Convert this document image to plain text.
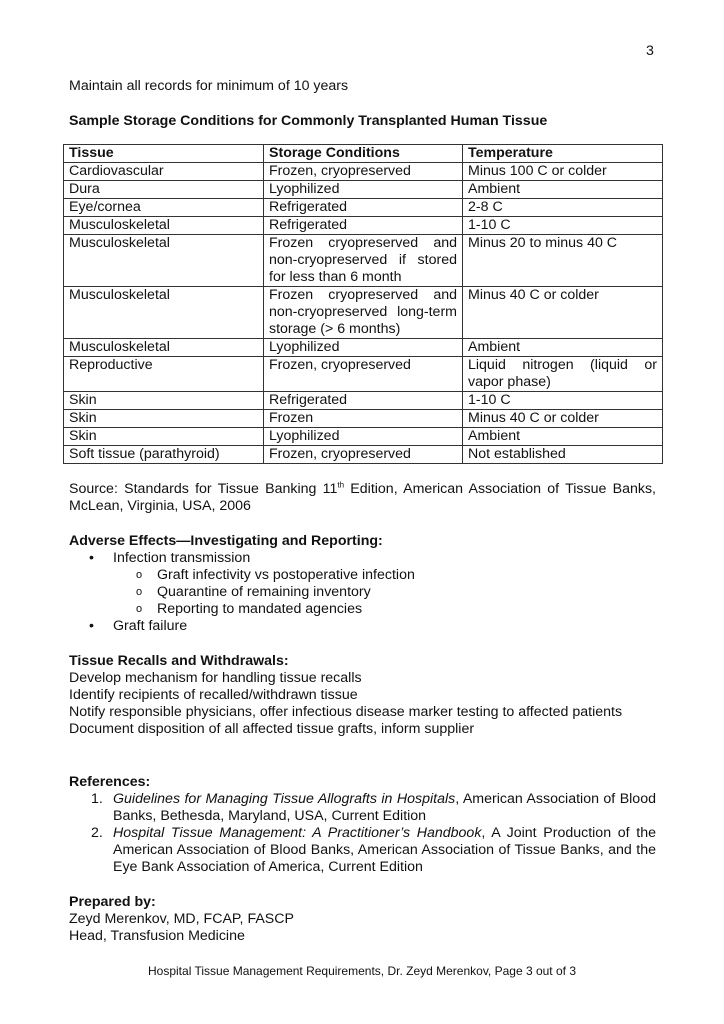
3

Maintain all records for minimum of 10 years

Sample Storage Conditions for Commonly Transplanted Human Tissue

Tissue	Storage Conditions	Temperature
Cardiovascular	Frozen, cryopreserved	Minus 100 C or colder
Dura	Lyophilized	Ambient
Eye/cornea	Refrigerated	2-8 C
Musculoskeletal	Refrigerated	1-10 C
Musculoskeletal	Frozen cryopreserved and non-cryopreserved if stored for less than 6 month	Minus 20 to minus 40 C
Musculoskeletal	Frozen cryopreserved and non-cryopreserved long-term storage (> 6 months)	Minus 40 C or colder
Musculoskeletal	Lyophilized	Ambient
Reproductive	Frozen, cryopreserved	Liquid nitrogen (liquid or vapor phase)
Skin	Refrigerated	1-10 C
Skin	Frozen	Minus 40 C or colder
Skin	Lyophilized	Ambient
Soft tissue (parathyroid)	Frozen, cryopreserved	Not established

Source: Standards for Tissue Banking 11th Edition, American Association of Tissue Banks, McLean, Virginia, USA, 2006

Adverse Effects—Investigating and Reporting:

• Infection transmission
o Graft infectivity vs postoperative infection
o Quarantine of remaining inventory
o Reporting to mandated agencies
• Graft failure

Tissue Recalls and Withdrawals:

Develop mechanism for handling tissue recalls

Identify recipients of recalled/withdrawn tissue

Notify responsible physicians, offer infectious disease marker testing to affected patients

Document disposition of all affected tissue grafts, inform supplier

References:

1. Guidelines for Managing Tissue Allografts in Hospitals, American Association of Blood Banks, Bethesda, Maryland, USA, Current Edition
2. Hospital Tissue Management: A Practitioner’s Handbook, A Joint Production of the American Association of Blood Banks, American Association of Tissue Banks, and the Eye Bank Association of America, Current Edition

Prepared by:

Zeyd Merenkov, MD, FCAP, FASCP

Head, Transfusion Medicine

Hospital Tissue Management Requirements, Dr. Zeyd Merenkov, Page 3 out of 3
